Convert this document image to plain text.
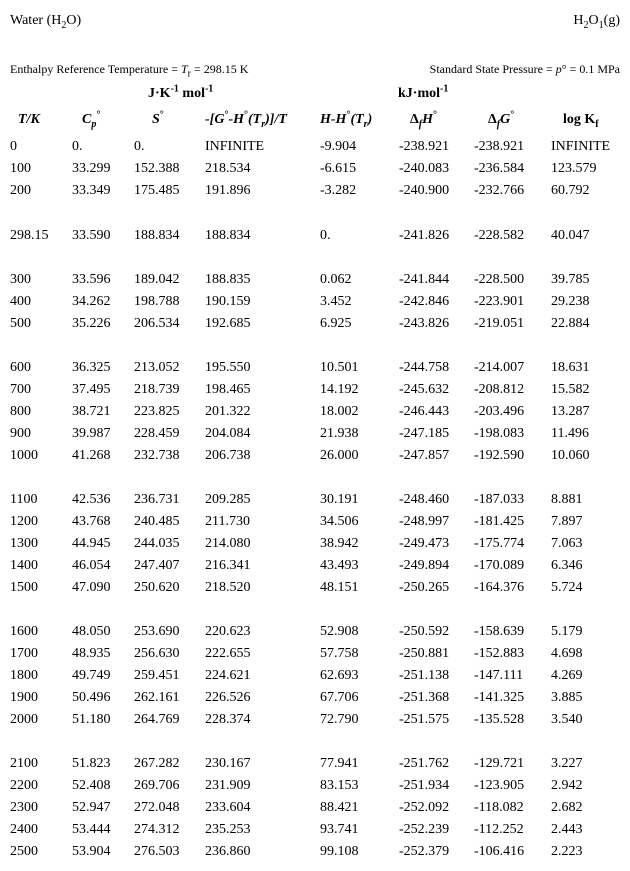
Water $(H_2O)$	$H_2O_1(g)$
Enthalpy Reference Temperature = $T_r = 298.15$ K	Standard State Pressure = p° = 0.1 MPa
$J\cdot K^{-1}$ mol$^{-1}$	kJ·mol$^{-1}$
T/K	$C_p^\circ$	S°	$-[G^\circ-H^\circ(T_r)]/T$ $H-H^\circ(T_r)$	$\Delta_fH^\circ$	$\Delta_fG^\circ$	$\log K_f$
0	0.	0.	INFINITE	-9.904	-238.921 -238.921 INFINITE
100	33.299 152.388 218.534	-6.615	-240.083 -236.584 123.579
200	33.349 175.485 191.896	-3.282	-240.900 -232.766 60.792
298.15 33.590 188.834 188.834	0.	-241.826 -228.582 40.047
300	33.596 189.042 188.835	0.062	-241.844 -228.500 39.785
400	34.262 198.788 190.159	3.452	-242.846 -223.901 29.238
500	35.226 206.534 192.685	6.925	-243.826 -219.051 22.884
600	36.325 213.052 195.550	10.501	-244.758 -214.007 18.631
700	37.495 218.739 198.465	14.192	-245.632 -208.812 15.582
800	38.721 223.825 201.322	18.002	-246.443 -203.496 13.287
900	39.987 228.459 204.084	21.938	-247.185 -198.083 11.496
1000 41.268 232.738 206.738	26.000	-247.857 -192.590 10.060
1100 42.536 236.731 209.285	30.191	-248.460 -187.033 8.881
1200 43.768 240.485 211.730	34.506	-248.997 -181.425 7.897
1300 44.945 244.035 214.080	38.942	-249.473 -175.774 7.063
1400 46.054 247.407 216.341	43.493	-249.894 -170.089 6.346
1500 47.090 250.620 218.520	48.151	-250.265 -164.376 5.724
1600 48.050 253.690 220.623	52.908	-250.592 -158.639 5.179
1700 48.935 256.630 222.655	57.758	-250.881 -152.883 4.698
1800 49.749 259.451 224.621	62.693	-251.138 -147.111 4.269
1900 50.496 262.161 226.526	67.706	-251.368 -141.325 3.885
2000 51.180 264.769 228.374	72.790	-251.575 -135.528 3.540
2100 51.823 267.282 230.167	77.941	-251.762 -129.721 3.227
2200 52.408 269.706 231.909	83.153	-251.934 -123.905 2.942
2300 52.947 272.048 233.604	88.421	-252.092 -118.082 2.682
2400 53.444 274.312 235.253	93.741	-252.239 -112.252 2.443
2500 53.904 276.503 236.860	99.108	-252.379 -106.416 2.223
